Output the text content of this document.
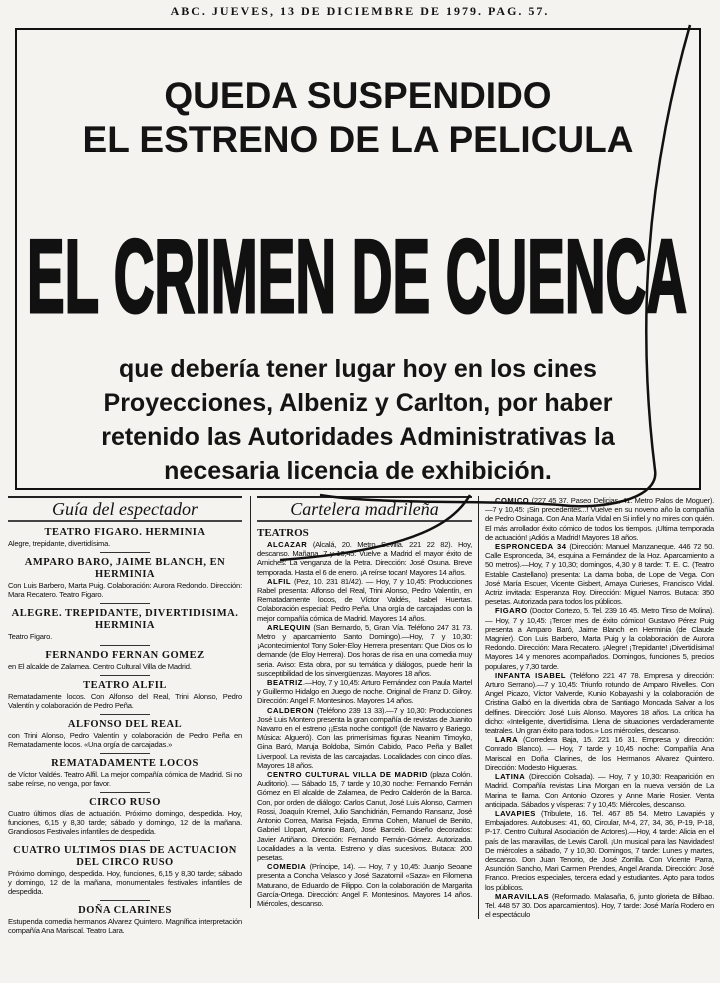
ABC. JUEVES, 13 DE DICIEMBRE DE 1979. PAG. 57.
QUEDA SUSPENDIDO
EL ESTRENO DE LA PELICULA
EL CRIMEN DE CUENCA
que debería tener lugar hoy en los cines
Proyecciones, Albeniz y Carlton, por haber
retenido las Autoridades Administrativas la
necesaria licencia de exhibición.
Guía del espectador
TEATRO FIGARO. HERMINIA

Alegre, trepidante, divertidísima.

AMPARO BARO, JAIME BLANCH, EN HERMINIA

Con Luis Barbero, Marta Puig. Colaboración: Aurora Redondo. Dirección: Mara Recatero. Teatro Figaro.

ALEGRE. TREPIDANTE, DIVERTIDISIMA. HERMINIA

Teatro Figaro.

FERNANDO FERNAN GOMEZ

en El alcalde de Zalamea. Centro Cultural Villa de Madrid.

TEATRO ALFIL

Rematadamente locos. Con Alfonso del Real, Trini Alonso, Pedro Valentín y colaboración de Pedro Peña.

ALFONSO DEL REAL

con Trini Alonso, Pedro Valentín y colaboración de Pedro Peña en Rematadamente locos. «Una orgía de carcajadas.»

REMATADAMENTE LOCOS

de Víctor Valdés. Teatro Alfil. La mejor compañía cómica de Madrid. Si no sabe reírse, no venga, por favor.

CIRCO RUSO

Cuatro últimos días de actuación. Próximo domingo, despedida. Hoy, funciones, 6,15 y 8,30 tarde; sábado y domingo, 12 de la mañana. Grandiosos Festivales infantiles de despedida.

CUATRO ULTIMOS DIAS DE ACTUACION DEL CIRCO RUSO

Próximo domingo, despedida. Hoy, funciones, 6,15 y 8,30 tarde; sábado y domingo, 12 de la mañana, monumentales festivales infantiles de despedida.

DOÑA CLARINES

Estupenda comedia hermanos Alvarez Quintero. Magnífica interpretación compañía Ana Mariscal. Teatro Lara.

Cartelera madrileña
TEATROS

ALCAZAR (Alcalá, 20. Metro Sevilla. 221 22 82). Hoy, descanso. Mañana, 7 y 10,45: Vuelve a Madrid el mayor éxito de Arniches: La venganza de la Petra. Dirección: José Osuna. Breve temporada. Hasta el 6 de enero. ¡A reírse tocan! Mayores 14 años.

ALFIL (Pez, 10. 231 81/42). — Hoy, 7 y 10,45: Producciones Rabel presenta: Alfonso del Real, Trini Alonso, Pedro Valentín, en Rematadamente locos, de Víctor Valdés, Isabel Huertas. Colaboración especial: Pedro Peña. Una orgía de carcajadas con la mejor compañía cómica de Madrid. Mayores 14 años.

ARLEQUIN (San Bernardo, 5, Gran Vía. Teléfono 247 31 73. Metro y aparcamiento Santo Domingo).—Hoy, 7 y 10,30: ¡Acontecimiento! Tony Soler-Eloy Herrera presentan: Que Dios os lo demande (de Eloy Herrera). Dos horas de risa en una comedia muy seria. Aviso: Esta obra, por su temática y diálogos, puede herir la susceptibilidad de los sinvergüenzas. Mayores 18 años.

BEATRIZ.—Hoy, 7 y 10,45: Arturo Fernández con Paula Martel y Guillermo Hidalgo en Juego de noche. Original de Franz D. Gilroy. Dirección: Angel F. Montesinos. Mayores 14 años.

CALDERON (Teléfono 239 13 33).—7 y 10,30: Producciones José Luis Montero presenta la gran compañía de revistas de Juanito Navarro en el estreno ¡¡Esta noche contigo!! (de Navarro y Bariego. Música: Algueró). Con las primerísimas figuras Neanim Timoyko, Gina Baró, Maruja Boldoba, Simón Cabido, Paco Peña y Ballet Liverpool. La revista de las carcajadas. Localidades con cinco días. Mayores 18 años.

CENTRO CULTURAL VILLA DE MADRID (plaza Colón. Auditorio). — Sábado 15, 7 tarde y 10,30 noche: Fernando Fernán Gómez en El alcalde de Zalamea, de Pedro Calderón de la Barca. Con, por orden de diálogo: Carlos Canut, José Luis Alonso, Carmen Rossi, Joaquín Kremel, Julio Sanchidrián, Fernando Ransanz, José Antonio Correa, Marisa Fejada, Emma Cohen, Manuel de Benito, Gabriel Llopart, Antonio Baró, José Barceló. Diseño decorados: Javier Artiñano. Dirección: Fernando Fernán-Gómez. Autorizada. Localidades a la venta. Estreno y días sucesivos. Butaca: 200 pesetas.

COMEDIA (Príncipe, 14). — Hoy, 7 y 10,45: Juanjo Seoane presenta a Concha Velasco y José Sazatornil «Saza» en Filomena Maturano, de Eduardo de Filippo. Con la colaboración de Margarita García-Ortega. Dirección: Angel F. Montesinos. Mayores 14 años. Miércoles, descanso.

COMICO (227 45 37. Paseo Delicias, 41. Metro Palos de Moguer).—7 y 10,45: ¡Sin precedentes...! Vuelve en su noveno año la compañía de Pedro Osinaga. Con Ana María Vidal en Si infiel y no mires con quién. El más arrollador éxito cómico de todos los tiempos. ¡Ultima temporada de actuación! ¡Adiós a Madrid! Mayores 18 años.

ESPRONCEDA 34 (Dirección: Manuel Manzaneque. 446 72 50. Calle Espronceda, 34, esquina a Fernández de la Hoz. Aparcamiento a 50 metros).—Hoy, 7 y 10,30; domingos, 4,30 y 8 tarde: T. E. C. (Teatro Estable Castellano) presenta: La dama boba, de Lope de Vega. Con José María Escuer, Vicente Gisbert, Amaya Curieses, Francisco Vidal. Actriz invitada: Esperanza Roy. Dirección: Miguel Narros. Butaca: 350 pesetas. Autorizada para todos los públicos.

FIGARO (Doctor Cortezo, 5. Tel. 239 16 45. Metro Tirso de Molina). — Hoy, 7 y 10,45: ¡Tercer mes de éxito cómico! Gustavo Pérez Puig presenta a Amparo Baró, Jaime Blanch en Herminia (de Claude Magnier). Con Luis Barbero, Marta Puig y la colaboración de Aurora Redondo. Dirección: Mara Recatero. ¡Alegre! ¡Trepidante! ¡Divertidísima! Mayores 14 y menores acompañados. Domingos, funciones 5, precios populares, y 7,30 tarde.

INFANTA ISABEL (Teléfono 221 47 78. Empresa y dirección: Arturo Serrano).—7 y 10,45: Triunfo rotundo de Amparo Rivelles. Con Angel Picazo, Víctor Valverde, Kunio Kobayashi y la colaboración de Cristina Galbó en la divertida obra de Santiago Moncada Salvar a los delfines. Dirección: José Luis Alonso. Mayores 18 años. La crítica ha dicho: «Inteligente, divertidísima. Llena de situaciones verdaderamente teatrales. Un gran éxito para todos.» Los miércoles, descanso.

LARA (Corredera Baja, 15. 221 16 31. Empresa y dirección: Conrado Blanco). — Hoy, 7 tarde y 10,45 noche: Compañía Ana Mariscal en Doña Clarines, de los Hermanos Alvarez Quintero. Dirección: Modesto Higueras.

LATINA (Dirección Colsada). — Hoy, 7 y 10,30: Reaparición en Madrid. Compañía revistas Lina Morgan en la nueva versión de La Marina te llama. Con Antonio Ozores y Anne Marie Rosier. Venta anticipada. Sábados y vísperas: 7 y 10,45: Miércoles, descanso.

LAVAPIES (Tribulete, 16. Tel. 467 85 54. Metro Lavapiés y Embajadores. Autobuses: 41, 60, Circular, M-4, 27, 34, 36, P-19, P-18, P-17. Centro Cultural Asociación de Actores).—Hoy, 4 tarde: Alicia en el país de las maravillas, de Lewis Caroll. ¡Un musical para las Navidades! De miércoles a sábado, 7 y 10,30. Domingos, 7 tarde: Lunes y martes, descanso. Don Juan Tenorio, de José Zorrilla. Con Vicente Parra, Asunción Sancho, Mari Carmen Prendes, Angel Aranda. Dirección: José Franco. Precios especiales, tercera edad y estudiantes. Apto para todos los públicos.

MARAVILLAS (Reformado. Malasaña, 6, junto glorieta de Bilbao. Tel. 448 57 30. Dos aparcamientos). Hoy, 7 tarde: José María Rodero en el espectáculo
